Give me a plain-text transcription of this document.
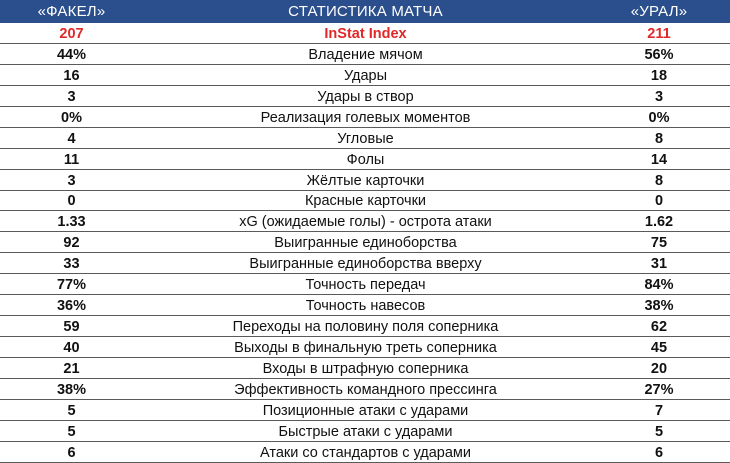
«ФАКЕЛ»	СТАТИСТИКА МАТЧА	«УРАЛ»
207	InStat Index	211
44%	Владение мячом	56%
16	Удары	18
3	Удары в створ	3
0%	Реализация голевых моментов	0%
4	Угловые	8
11	Фолы	14
3	Жёлтые карточки	8
0	Красные карточки	0
1.33	xG (ожидаемые голы) - острота атаки	1.62
92	Выигранные единоборства	75
33	Выигранные единоборства вверху	31
77%	Точность передач	84%
36%	Точность навесов	38%
59	Переходы на половину поля соперника	62
40	Выходы в финальную треть соперника	45
21	Входы в штрафную соперника	20
38%	Эффективность командного прессинга	27%
5	Позиционные атаки с ударами	7
5	Быстрые атаки с ударами	5
6	Атаки со стандартов с ударами	6
